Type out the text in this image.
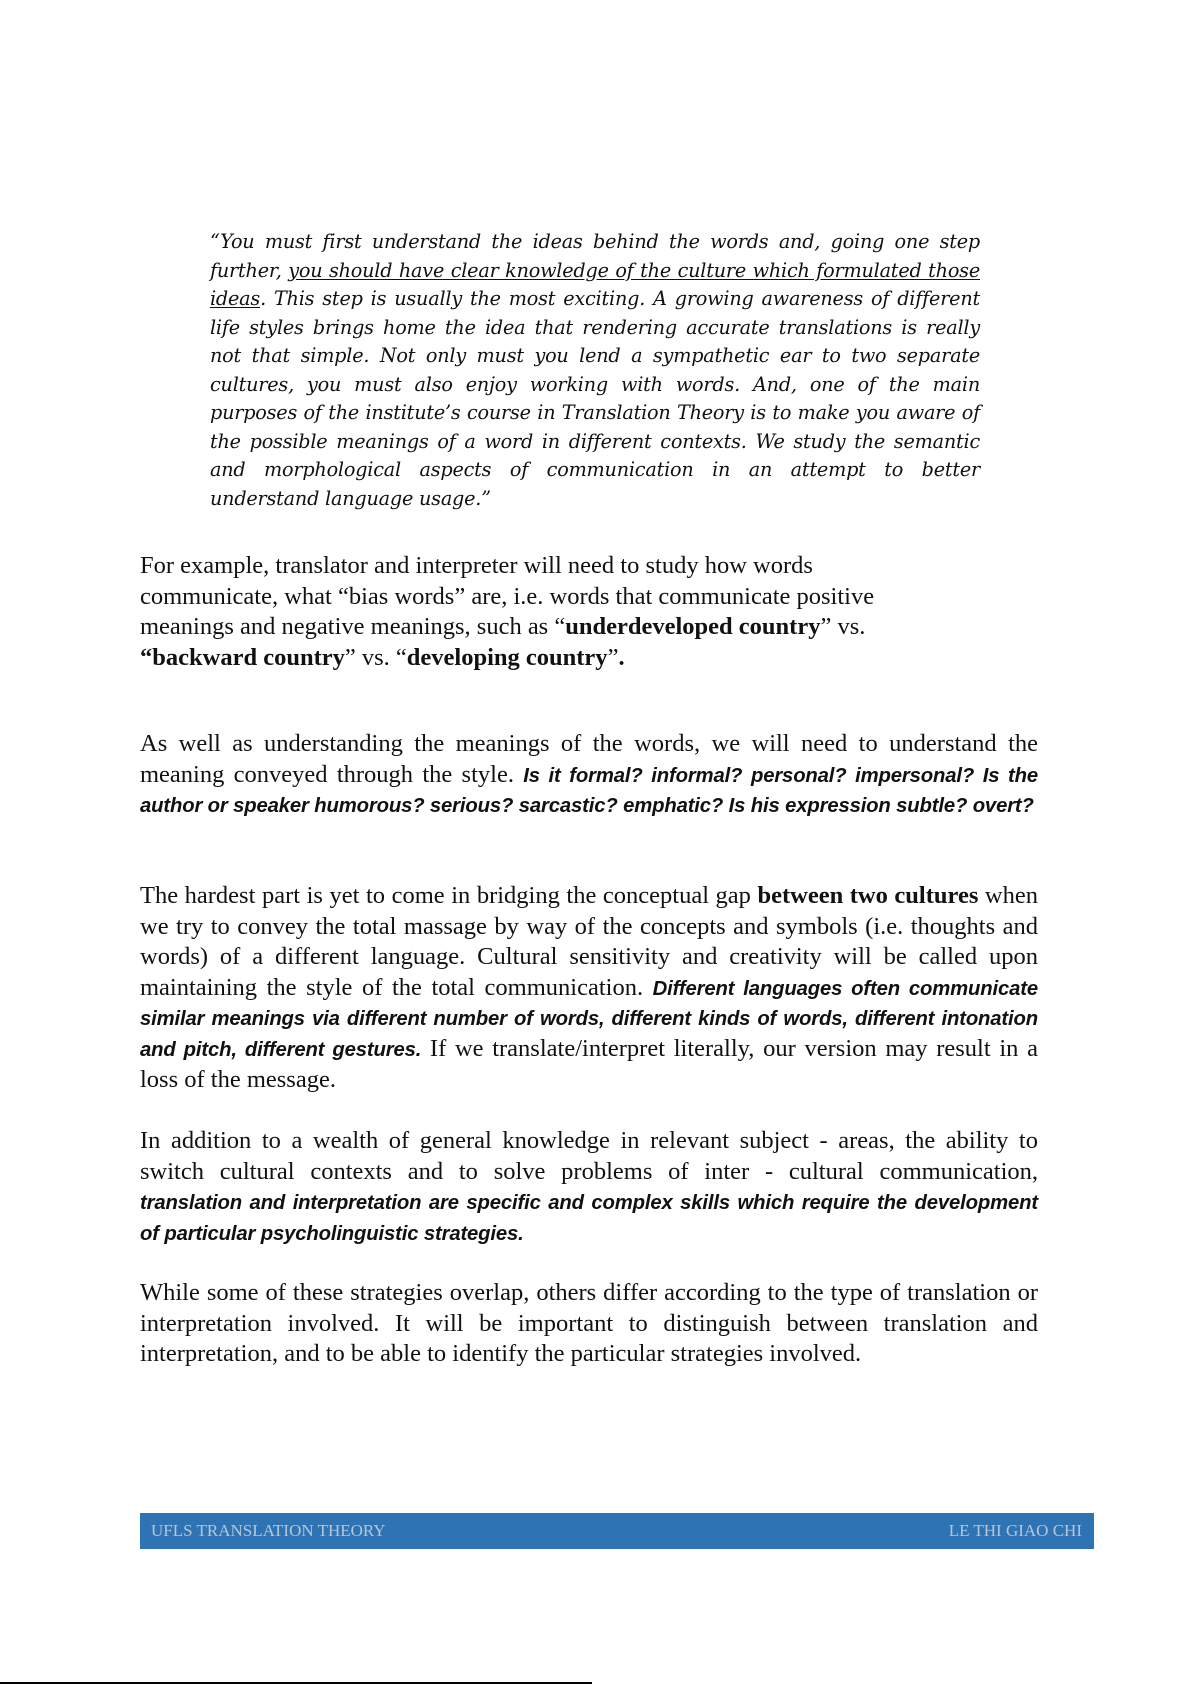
“You must first understand the ideas behind the words and, going one step further, you should have clear knowledge of the culture which formulated those ideas. This step is usually the most exciting. A growing awareness of different life styles brings home the idea that rendering accurate translations is really not that simple. Not only must you lend a sympathetic ear to two separate cultures, you must also enjoy working with words. And, one of the main purposes of the institute’s course in Translation Theory is to make you aware of the possible meanings of a word in different contexts. We study the semantic and morphological aspects of communication in an attempt to better understand language usage.”

For example, translator and interpreter will need to study how words communicate, what “bias words” are, i.e. words that communicate positive meanings and negative meanings, such as “underdeveloped country” vs. “backward country” vs. “developing country”.

As well as understanding the meanings of the words, we will need to understand the meaning conveyed through the style. Is it formal? informal? personal? impersonal? Is the author or speaker humorous? serious? sarcastic? emphatic? Is his expression subtle? overt?

The hardest part is yet to come in bridging the conceptual gap between two cultures when we try to convey the total massage by way of the concepts and symbols (i.e. thoughts and words) of a different language. Cultural sensitivity and creativity will be called upon maintaining the style of the total communication. Different languages often communicate similar meanings via different number of words, different kinds of words, different intonation and pitch, different gestures. If we translate/interpret literally, our version may result in a loss of the message.

In addition to a wealth of general knowledge in relevant subject - areas, the ability to switch cultural contexts and to solve problems of inter - cultural communication, translation and interpretation are specific and complex skills which require the development of particular psycholinguistic strategies.

While some of these strategies overlap, others differ according to the type of translation or interpretation involved. It will be important to distinguish between translation and interpretation, and to be able to identify the particular strategies involved.

UFLS TRANSLATION THEORY	LE THI GIAO CHI
